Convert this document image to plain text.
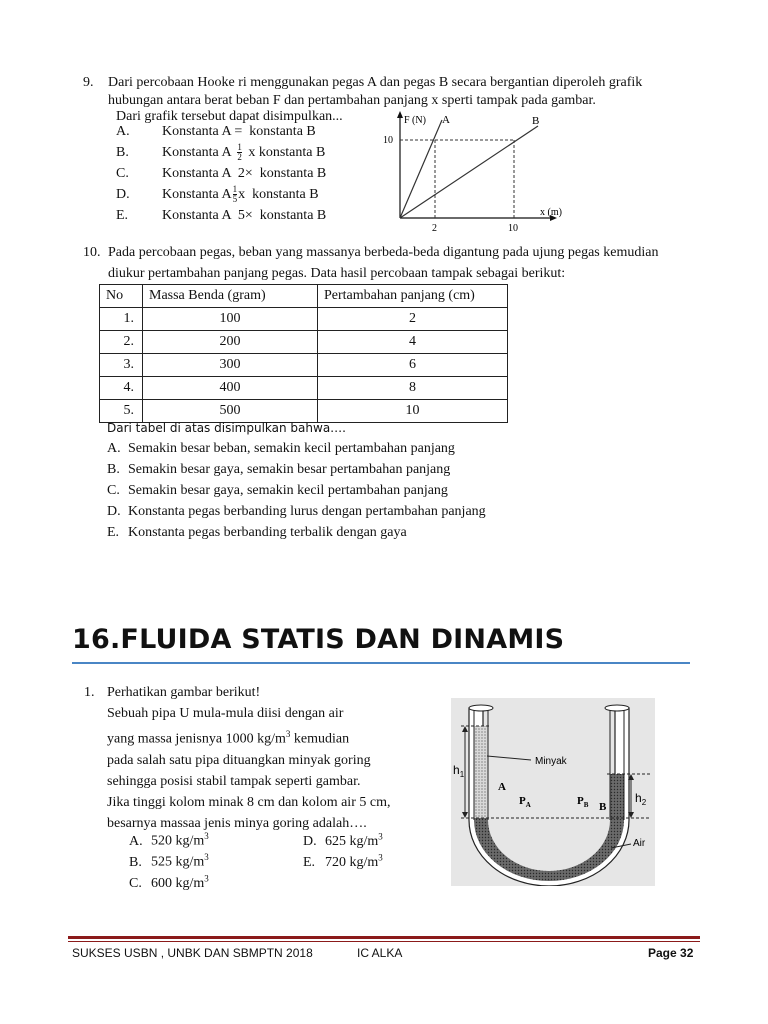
9. Dari percobaan Hooke ri menggunakan pegas A dan pegas B secara bergantian diperoleh grafik
hubungan antara berat beban F dan pertambahan panjang x sperti tampak pada gambar.
Dari grafik tersebut dapat disimpulkan...
A. Konstanta A =  konstanta B
B. Konstanta A $\frac{1}{2}$ x konstanta B
C. Konstanta A  2×  konstanta B
D. Konstanta A $\frac{1}{5}$ x  konstanta B
E. Konstanta A  5×  konstanta B
F (N) A	B
10
2	10
x (m)
10. Pada percobaan pegas, beban yang massanya berbeda-beda digantung pada ujung pegas kemudian
diukur pertambahan panjang pegas. Data hasil percobaan tampak sebagai berikut:
No	Massa Benda (gram)	Pertambahan panjang (cm)
1.	100	2
2.	200	4
3.	300	6
4.	400	8
5.	500	10
Dari tabel di atas disimpulkan bahwa….
A. Semakin besar beban, semakin kecil pertambahan panjang
B. Semakin besar gaya, semakin besar pertambahan panjang
C. Semakin besar gaya, semakin kecil pertambahan panjang
D. Konstanta pegas berbanding lurus dengan pertambahan panjang
E. Konstanta pegas berbanding terbalik dengan gaya
16.FLUIDA STATIS DAN DINAMIS
1. Perhatikan gambar berikut!
Sebuah pipa U mula-mula diisi dengan air
yang massa jenisnya 1000 $kg/m^3$ kemudian
pada salah satu pipa dituangkan minyak goring
sehingga posisi stabil tampak seperti gambar.
Jika tinggi kolom minak 8 cm dan kolom air 5 cm,
besarnya massaa jenis minya goring adalah….
A. 520 $kg/m^3$	D. 625 $kg/m^3$
B. 525 $kg/m^3$	E. 720 $kg/m^3$
C. 600 $kg/m^3$
Minyak
Air
$h_1$
$h_2$
A
B
$P_A$	$P_B$
SUKSES USBN , UNBK DAN SBMPTN 2018	IC ALKA	Page 32
